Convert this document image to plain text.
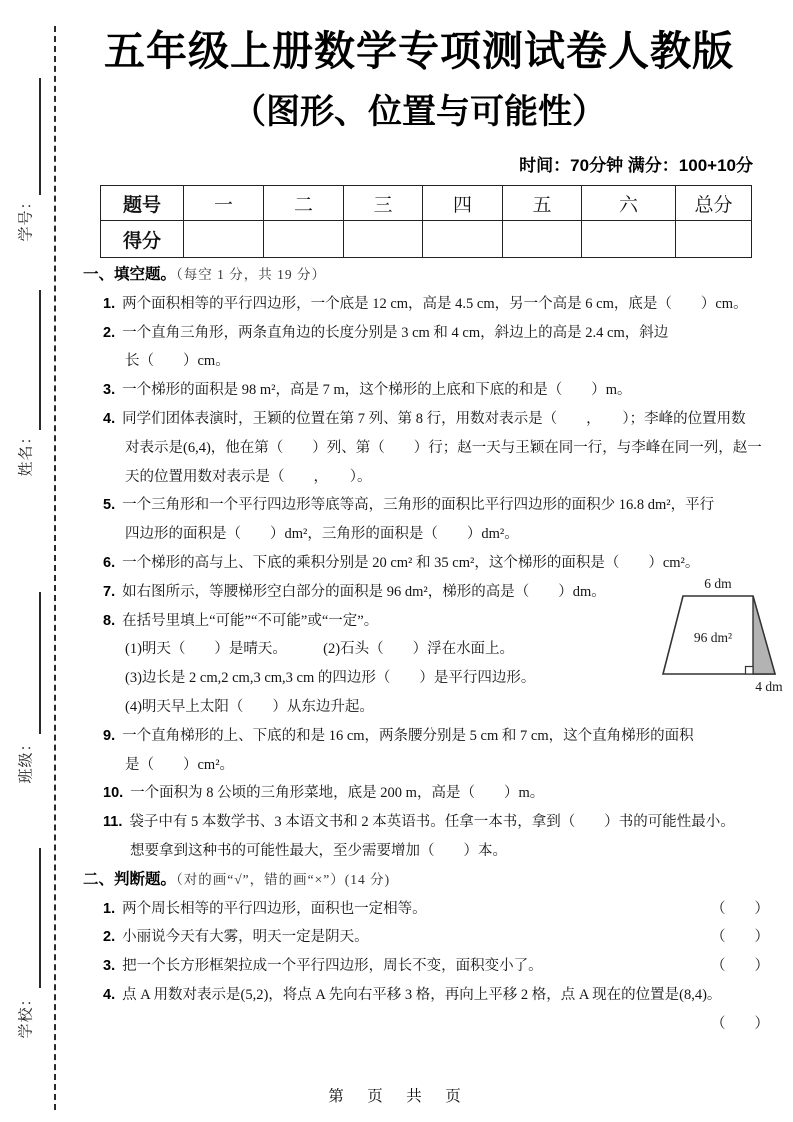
学号：
姓名：
班级：
学校：
五年级上册数学专项测试卷人教版
（图形、位置与可能性）
时间：70分钟 满分：100+10分
题号	一	二	三	四	五	六	总分
得分							
一、填空题。（每空 1 分，共 19 分）
1. 两个面积相等的平行四边形，一个底是 12 cm，高是 4.5 cm，另一个高是 6 cm，底是（　　）cm。
2. 一个直角三角形，两条直角边的长度分别是 3 cm 和 4 cm，斜边上的高是 2.4 cm，斜边
长（　　）cm。
3. 一个梯形的面积是 98 m²，高是 7 m，这个梯形的上底和下底的和是（　　）m。
4. 同学们团体表演时，王颖的位置在第 7 列、第 8 行，用数对表示是（　　，　　）；李峰的位置用数
对表示是(6,4)，他在第（　　）列、第（　　）行；赵一天与王颖在同一行，与李峰在同一列，赵一
天的位置用数对表示是（　　，　　）。
5. 一个三角形和一个平行四边形等底等高，三角形的面积比平行四边形的面积少 16.8 dm²，平行
四边形的面积是（　　）dm²，三角形的面积是（　　）dm²。
6. 一个梯形的高与上、下底的乘积分别是 20 cm² 和 35 cm²，这个梯形的面积是（　　）cm²。
7. 如右图所示，等腰梯形空白部分的面积是 96 dm²，梯形的高是（　　）dm。
8. 在括号里填上“可能”“不可能”或“一定”。
(1)明天（　　）是晴天。　　　(2)石头（　　）浮在水面上。
(3)边长是 2 cm,2 cm,3 cm,3 cm 的四边形（　　）是平行四边形。
(4)明天早上太阳（　　）从东边升起。
9. 一个直角梯形的上、下底的和是 16 cm，两条腰分别是 5 cm 和 7 cm，这个直角梯形的面积
是（　　）cm²。
10. 一个面积为 8 公顷的三角形菜地，底是 200 m，高是（　　）m。
11. 袋子中有 5 本数学书、3 本语文书和 2 本英语书。任拿一本书，拿到（　　）书的可能性最小。
想要拿到这种书的可能性最大，至少需要增加（　　）本。
二、判断题。（对的画“√”，错的画“×”）(14 分)
1. 两个周长相等的平行四边形，面积也一定相等。	（　　）
2. 小丽说今天有大雾，明天一定是阴天。	（　　）
3. 把一个长方形框架拉成一个平行四边形，周长不变，面积变小了。	（　　）
4. 点 A 用数对表示是(5,2)，将点 A 先向右平移 3 格，再向上平移 2 格，点 A 现在的位置是(8,4)。
（　　）
6 dm
96 dm²
4 dm
第　页　共　页
